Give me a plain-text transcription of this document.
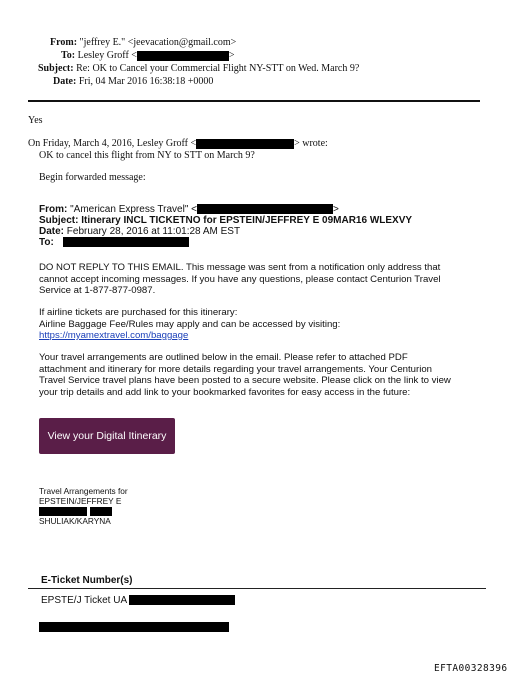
From: "jeffrey E." <jeevacation@gmail.com>
To: Lesley Groff <	>
Subject: Re: OK to Cancel your Commercial Flight NY-STT on Wed. March 9?
Date: Fri, 04 Mar 2016 16:38:18 +0000
Yes
On Friday, March 4, 2016, Lesley Groff <	> wrote:
OK to cancel this flight from NY to STT on March 9?
Begin forwarded message:
From: "American Express Travel" <	>
Subject: Itinerary INCL TICKETNO for EPSTEIN/JEFFREY E 09MAR16 WLEXVY
Date: February 28, 2016 at 11:01:28 AM EST
To:
DO NOT REPLY TO THIS EMAIL. This message was sent from a notification only address that
cannot accept incoming messages. If you have any questions, please contact Centurion Travel
Service at 1-877-877-0987.
If airline tickets are purchased for this itinerary:
Airline Baggage Fee/Rules may apply and can be accessed by visiting:
https://myamextravel.com/baggage
Your travel arrangements are outlined below in the email. Please refer to attached PDF
attachment and itinerary for more details regarding your travel arrangements. Your Centurion
Travel Service travel plans have been posted to a secure website. Please click on the link to view
your trip details and add link to your bookmarked favorites for easy access in the future:
View your Digital Itinerary
Travel Arrangements for
EPSTEIN/JEFFREY E
SHULIAK/KARYNA
E-Ticket Number(s)
EPSTE/J Ticket UA
EFTA00328396
